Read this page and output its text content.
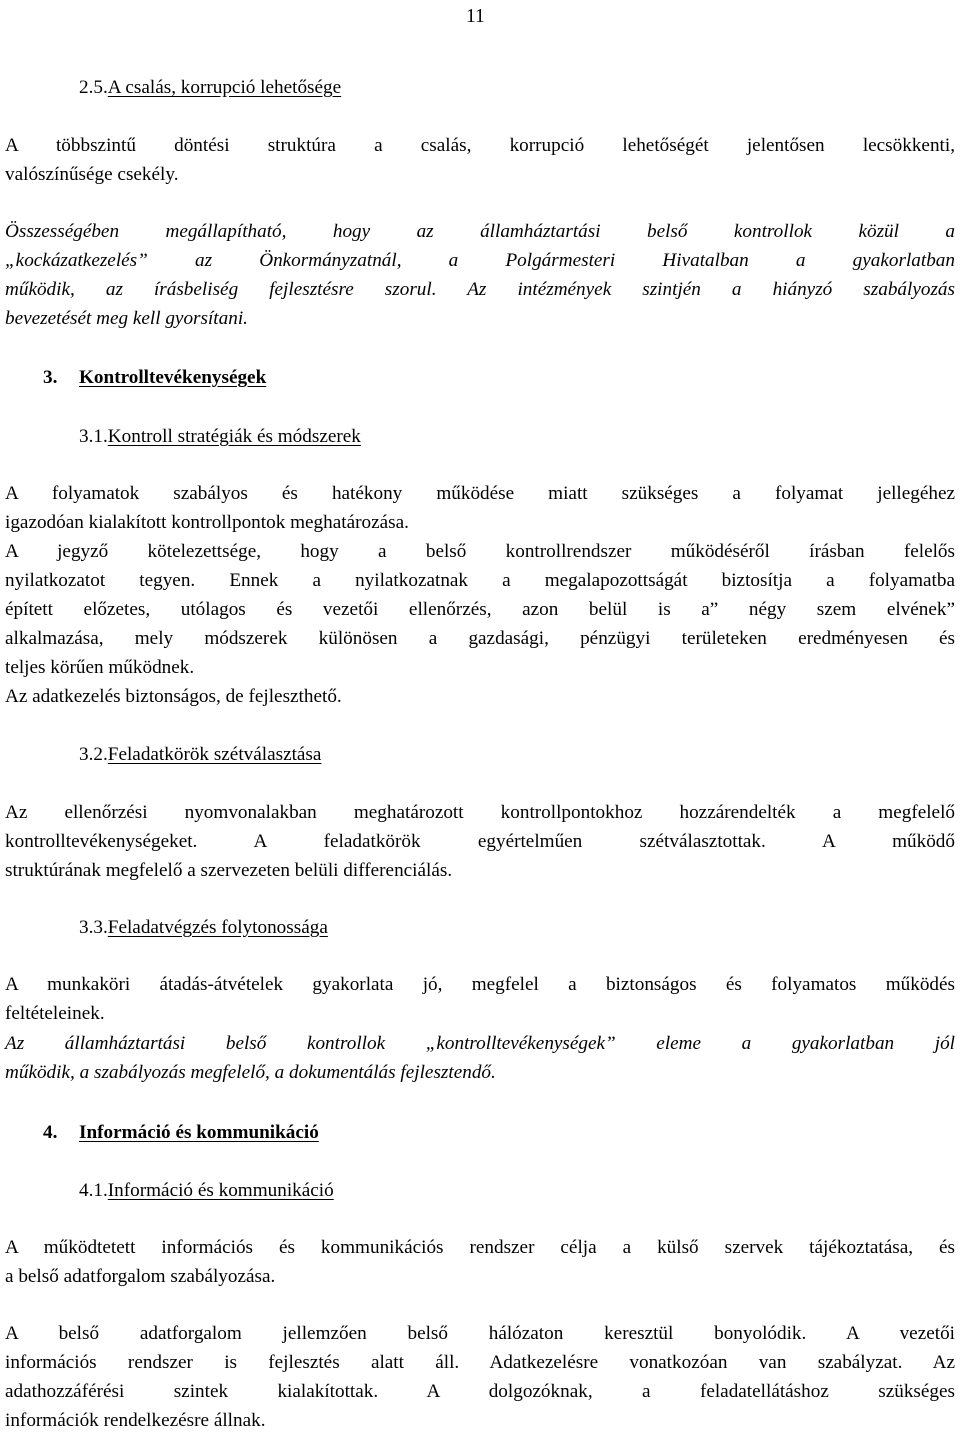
11
2.5.A csalás, korrupció lehetősége

A többszintű döntési struktúra a csalás, korrupció lehetőségét jelentősen lecsökkenti,
valószínűsége csekély.

Összességében megállapítható, hogy az államháztartási belső kontrollok közül a
„kockázatkezelés” az Önkormányzatnál, a Polgármesteri Hivatalban a gyakorlatban
működik, az írásbeliség fejlesztésre szorul. Az intézmények szintjén a hiányzó szabályozás
bevezetését meg kell gyorsítani.

3. Kontrolltevékenységek
3.1.Kontroll stratégiák és módszerek

A folyamatok szabályos és hatékony működése miatt szükséges a folyamat jellegéhez
igazodóan kialakított kontrollpontok meghatározása.
A jegyző kötelezettsége, hogy a belső kontrollrendszer működéséről írásban felelős
nyilatkozatot tegyen. Ennek a nyilatkozatnak a megalapozottságát biztosítja a folyamatba
épített előzetes, utólagos és vezetői ellenőrzés, azon belül is a” négy szem elvének”
alkalmazása, mely módszerek különösen a gazdasági, pénzügyi területeken eredményesen és
teljes körűen működnek.
Az adatkezelés biztonságos, de fejleszthető.

3.2.Feladatkörök szétválasztása

Az ellenőrzési nyomvonalakban meghatározott kontrollpontokhoz hozzárendelték a megfelelő
kontrolltevékenységeket. A feladatkörök egyértelműen szétválasztottak. A működő
struktúrának megfelelő a szervezeten belüli differenciálás.

3.3.Feladatvégzés folytonossága

A munkaköri átadás-átvételek gyakorlata jó, megfelel a biztonságos és folyamatos működés
feltételeinek.

Az államháztartási belső kontrollok „kontrolltevékenységek” eleme a gyakorlatban jól
működik, a szabályozás megfelelő, a dokumentálás fejlesztendő.

4. Információ és kommunikáció
4.1.Információ és kommunikáció

A működtetett információs és kommunikációs rendszer célja a külső szervek tájékoztatása, és
a belső adatforgalom szabályozása.

A belső adatforgalom jellemzően belső hálózaton keresztül bonyolódik. A vezetői
információs rendszer is fejlesztés alatt áll. Adatkezelésre vonatkozóan van szabályzat. Az
adathozzáférési szintek kialakítottak. A dolgozóknak, a feladatellátáshoz szükséges
információk rendelkezésre állnak.
